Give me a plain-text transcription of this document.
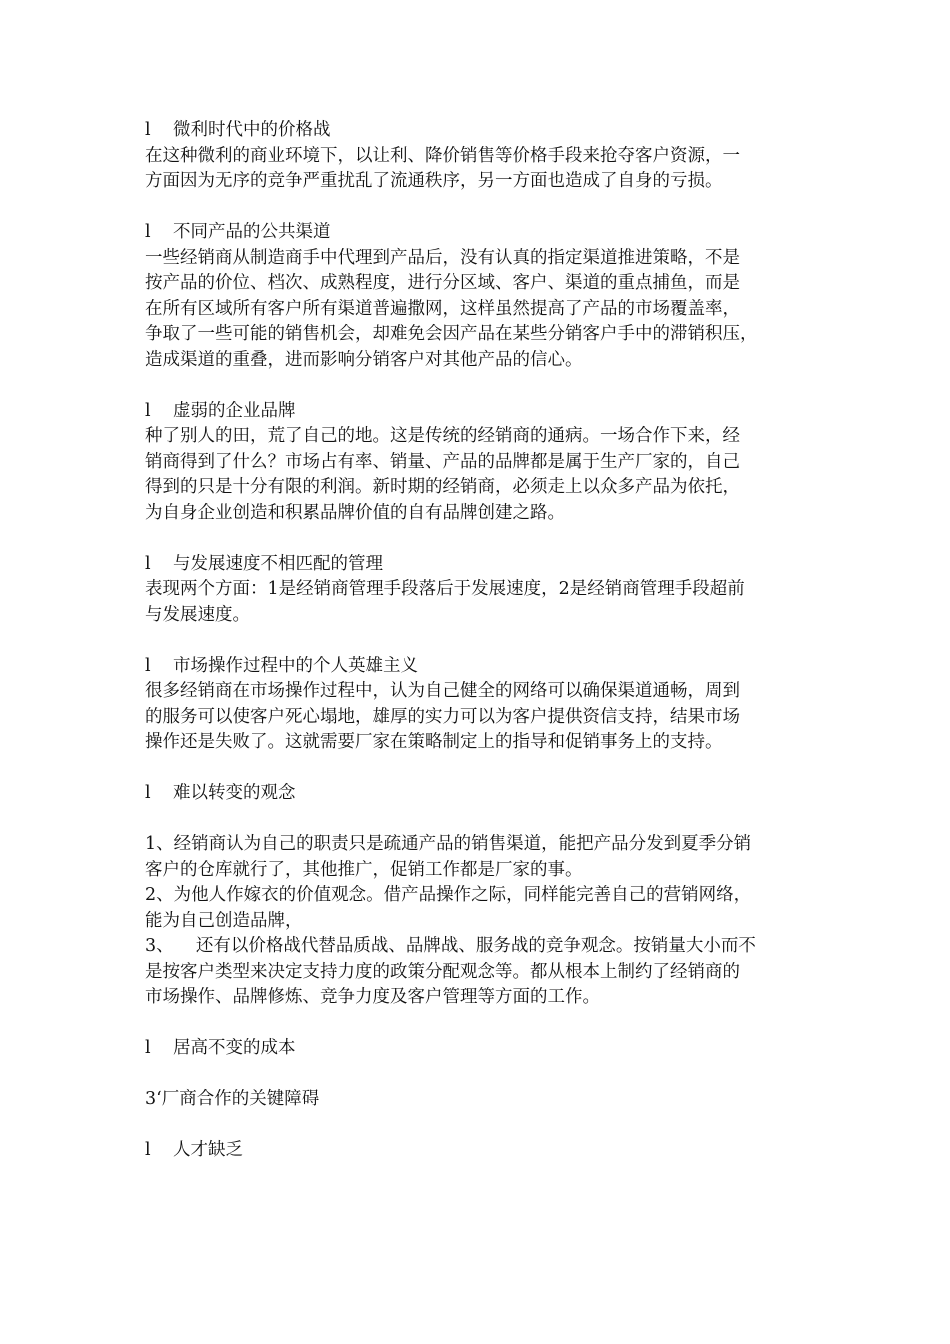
l 微利时代中的价格战
在这种微利的商业环境下，以让利、降价销售等价格手段来抢夺客户资源，一
方面因为无序的竞争严重扰乱了流通秩序，另一方面也造成了自身的亏损。
l 不同产品的公共渠道
一些经销商从制造商手中代理到产品后，没有认真的指定渠道推进策略，不是
按产品的价位、档次、成熟程度，进行分区域、客户、渠道的重点捕鱼，而是
在所有区域所有客户所有渠道普遍撒网，这样虽然提高了产品的市场覆盖率，
争取了一些可能的销售机会，却难免会因产品在某些分销客户手中的滞销积压，
造成渠道的重叠，进而影响分销客户对其他产品的信心。
l 虚弱的企业品牌
种了别人的田，荒了自己的地。这是传统的经销商的通病。一场合作下来，经
销商得到了什么？市场占有率、销量、产品的品牌都是属于生产厂家的，自己
得到的只是十分有限的利润。新时期的经销商，必须走上以众多产品为依托，
为自身企业创造和积累品牌价值的自有品牌创建之路。
l 与发展速度不相匹配的管理
表现两个方面：1是经销商管理手段落后于发展速度，2是经销商管理手段超前
与发展速度。
l 市场操作过程中的个人英雄主义
很多经销商在市场操作过程中，认为自己健全的网络可以确保渠道通畅，周到
的服务可以使客户死心塌地，雄厚的实力可以为客户提供资信支持，结果市场
操作还是失败了。这就需要厂家在策略制定上的指导和促销事务上的支持。
l 难以转变的观念
1、经销商认为自己的职责只是疏通产品的销售渠道，能把产品分发到夏季分销
客户的仓库就行了，其他推广，促销工作都是厂家的事。
2、为他人作嫁衣的价值观念。借产品操作之际，同样能完善自己的营销网络，
能为自己创造品牌，
3、    还有以价格战代替品质战、品牌战、服务战的竞争观念。按销量大小而不
是按客户类型来决定支持力度的政策分配观念等。都从根本上制约了经销商的
市场操作、品牌修炼、竞争力度及客户管理等方面的工作。
l 居高不变的成本
3‘厂商合作的关键障碍
l 人才缺乏
